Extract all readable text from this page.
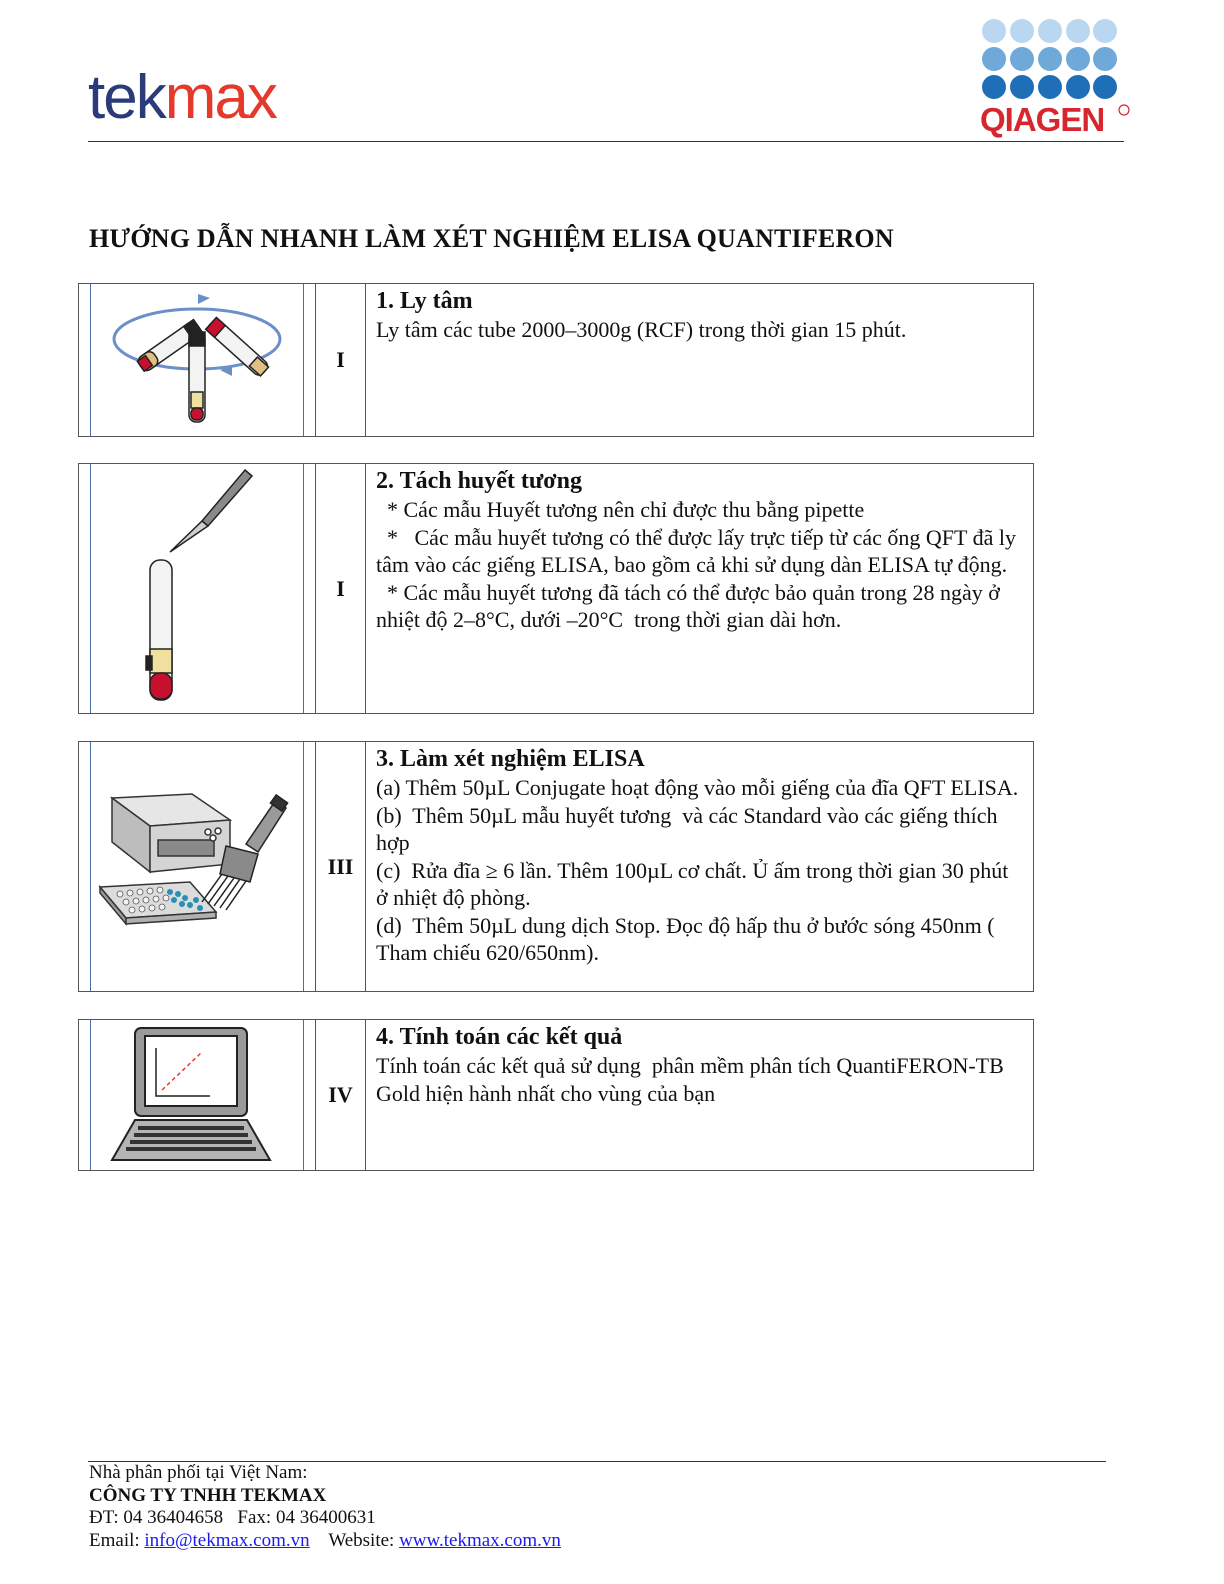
tekmax	QIAGEN
HƯỚNG DẪN NHANH LÀM XÉT NGHIỆM ELISA QUANTIFERON
I
1. Ly tâm

Ly tâm các tube 2000–3000g (RCF) trong thời gian 15 phút.

I
2. Tách huyết tương

* Các mẫu Huyết tương nên chỉ được thu bằng pipette

*   Các mẫu huyết tương có thể được lấy trực tiếp từ các ống QFT đã ly tâm vào các giếng ELISA, bao gồm cả khi sử dụng dàn ELISA tự động.

* Các mẫu huyết tương đã tách có thể được bảo quản trong 28 ngày ở nhiệt độ 2–8°C, dưới –20°C  trong thời gian dài hơn.

III
3. Làm xét nghiệm ELISA

(a) Thêm 50µL Conjugate hoạt động vào mỗi giếng của đĩa QFT ELISA.

(b)  Thêm 50µL mẫu huyết tương  và các Standard vào các giếng thích hợp

(c)  Rửa đĩa ≥ 6 lần. Thêm 100µL cơ chất. Ủ ấm trong thời gian 30 phút ở nhiệt độ phòng.

(d)  Thêm 50µL dung dịch Stop. Đọc độ hấp thu ở bước sóng 450nm ( Tham chiếu 620/650nm).

IV
4. Tính toán các kết quả

Tính toán các kết quả sử dụng  phân mềm phân tích QuantiFERON-TB  Gold hiện hành nhất cho vùng của bạn

Nhà phân phối tại Việt Nam:
CÔNG TY TNHH TEKMAX
ĐT: 04 36404658   Fax: 04 36400631
Email: info@tekmax.com.vn    Website: www.tekmax.com.vn
